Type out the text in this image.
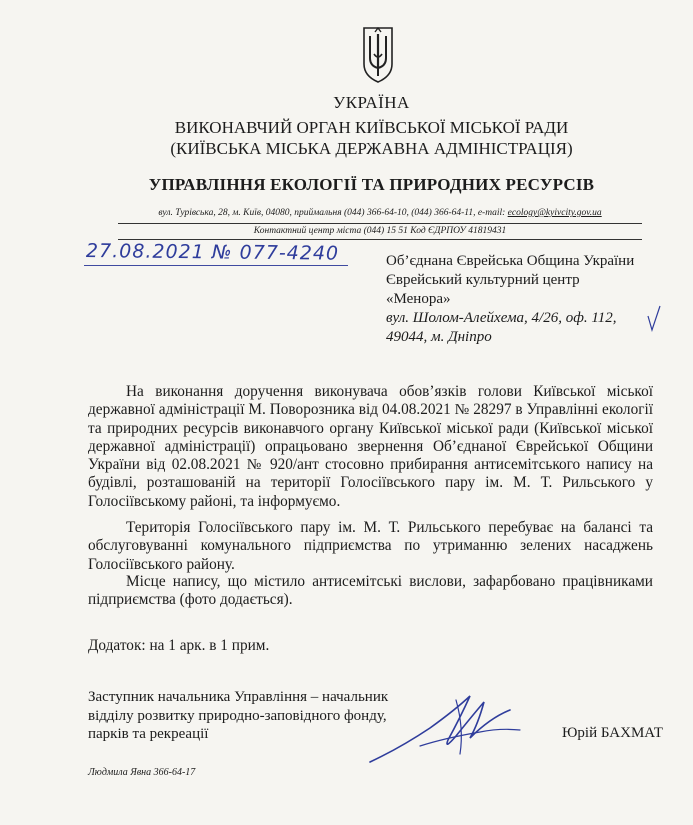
УКРАЇНА
ВИКОНАВЧИЙ ОРГАН КИЇВСЬКОЇ МІСЬКОЇ РАДИ
(КИЇВСЬКА МІСЬКА ДЕРЖАВНА АДМІНІСТРАЦІЯ)
УПРАВЛІННЯ ЕКОЛОГІЇ ТА ПРИРОДНИХ РЕСУРСІВ
вул. Турівська, 28, м. Київ, 04080, приймальня (044) 366-64-10, (044) 366-64-11, e-mail: ecology@kyivcity.gov.ua
Контактний центр міста (044) 15 51 Код ЄДРПОУ 41819431
27.08.2021 № 077-4240	Об’єднана Єврейська Община України
Єврейський культурний центр
«Менора»
вул. Шолом-Алейхема, 4/26, оф. 112,
49044, м. Дніпро
На виконання доручення виконувача обов’язків голови Київської міської державної адміністрації М. Поворозника від 04.08.2021 № 28297 в Управлінні екології та природних ресурсів виконавчого органу Київської міської ради (Київської міської державної адміністрації) опрацьовано звернення Об’єднаної Єврейської Общини України від 02.08.2021 № 920/ант стосовно прибирання антисемітського напису на будівлі, розташованій на території Голосіївського пару ім. М. Т. Рильського у Голосіївському районі, та інформуємо.
Територія Голосіївського пару ім. М. Т. Рильського перебуває на балансі та обслуговуванні комунального підприємства по утриманню зелених насаджень Голосіївського району.
Місце напису, що містило антисемітські вислови, зафарбовано працівниками підприємства (фото додається).
Додаток: на 1 арк. в 1 прим.
Заступник начальника Управління – начальник
відділу розвитку природно-заповідного фонду,
парків та рекреації	Юрій БАХМАТ
Людмила Явна 366-64-17
